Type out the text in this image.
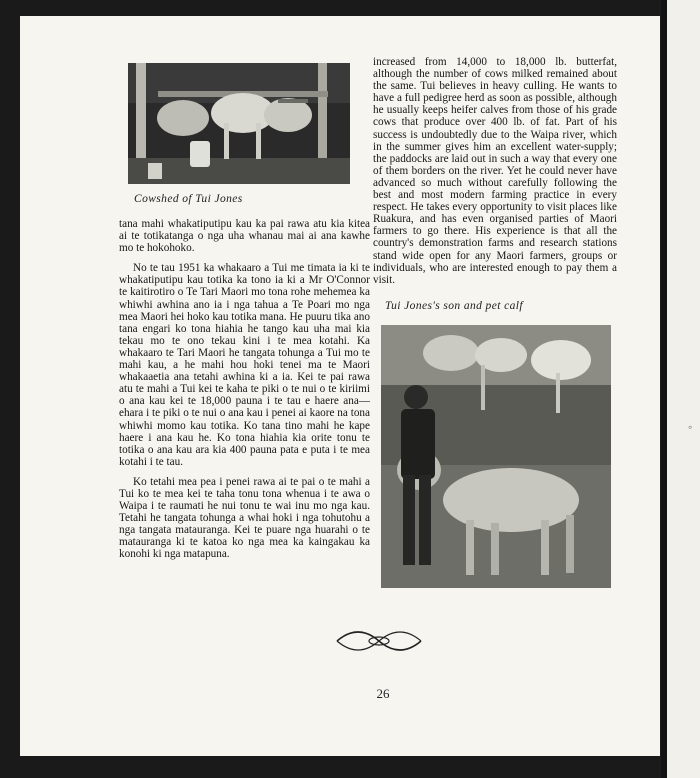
◦
Cowshed of Tui Jones

tana mahi whakatiputipu kau ka pai rawa atu kia kitea ai te totikatanga o nga uha whanau mai ai ana kawhe mo te hokohoko.

No te tau 1951 ka whakaaro a Tui me timata ia ki te whakatiputipu kau totika ka tono ia ki a Mr O'Connor te kaitirotiro o Te Tari Maori mo tona rohe mehemea ka whiwhi awhina ano ia i nga tahua a Te Poari mo nga mea Maori hei hoko kau totika mana. He puuru tika ano tana engari ko tona hiahia he tango kau uha mai kia tekau mo te ono tekau kini i te mea kotahi. Ka whakaaro te Tari Maori he tangata tohunga a Tui mo te mahi kau, a he mahi hou hoki tenei ma te Maori whakaaetia ana tetahi awhina ki a ia. Kei te pai rawa atu te mahi a Tui kei te kaha te piki o te nui o te kiriimi o ana kau kei te 18,000 pauna i te tau e haere ana—ehara i te piki o te nui o ana kau i penei ai kaore na tona whiwhi momo kau totika. Ko tana tino mahi he kape haere i ana kau he. Ko tona hiahia kia orite tonu te totika o ana kau ara kia 400 pauna pata e puta i te mea kotahi i te tau.

Ko tetahi mea pea i penei rawa ai te pai o te mahi a Tui ko te mea kei te taha tonu tona whenua i te awa o Waipa i te raumati he nui tonu te wai inu mo nga kau. Tetahi he tangata tohunga a whai hoki i nga tohutohu a nga tangata matauranga. Kei te puare nga huarahi o te matauranga ki te katoa ko nga mea ka kaingakau ka konohi ki nga matapuna.

increased from 14,000 to 18,000 lb. butterfat, although the number of cows milked remained about the same. Tui believes in heavy culling. He wants to have a full pedigree herd as soon as possible, although he usually keeps heifer calves from those of his grade cows that produce over 400 lb. of fat. Part of his success is undoubtedly due to the Waipa river, which in the summer gives him an excellent water-supply; the paddocks are laid out in such a way that every one of them borders on the river. Yet he could never have advanced so much without carefully following the best and most modern farming practice in every respect. He takes every opportunity to visit places like Ruakura, and has even organised parties of Maori farmers to go there. His experience is that all the country's demonstration farms and research stations stand wide open for any Maori farmers, groups or individuals, who are interested enough to pay them a visit.

Tui Jones's son and pet calf
26
